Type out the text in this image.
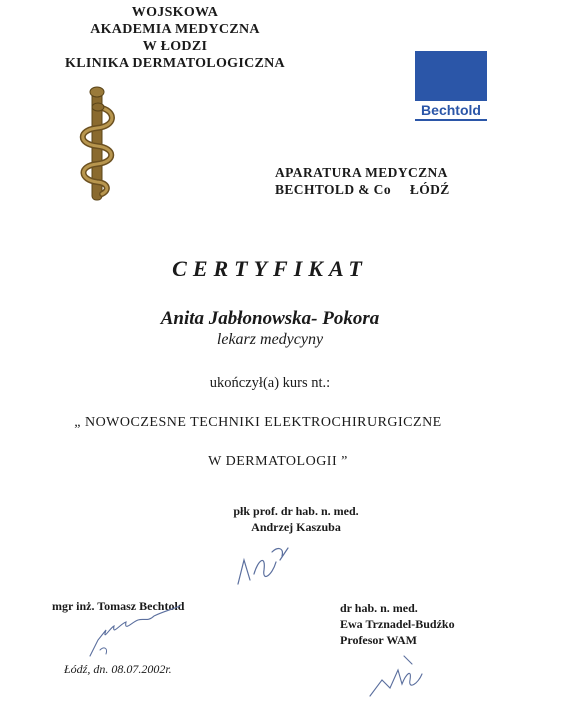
WOJSKOWA
AKADEMIA MEDYCZNA
W ŁODZI
KLINIKA DERMATOLOGICZNA
Bechtold
APARATURA MEDYCZNA
BECHTOLD & Co     ŁÓDŹ
CERTYFIKAT
Anita Jabłonowska- Pokora
lekarz medycyny
ukończył(a) kurs nt.:
„ NOWOCZESNE TECHNIKI ELEKTROCHIRURGICZNE
W DERMATOLOGII ”
płk prof. dr hab. n. med.
Andrzej Kaszuba
mgr inż. Tomasz Bechtold	dr hab. n. med.
Ewa Trznadel-Budźko
Profesor WAM
Łódź, dn. 08.07.2002r.
